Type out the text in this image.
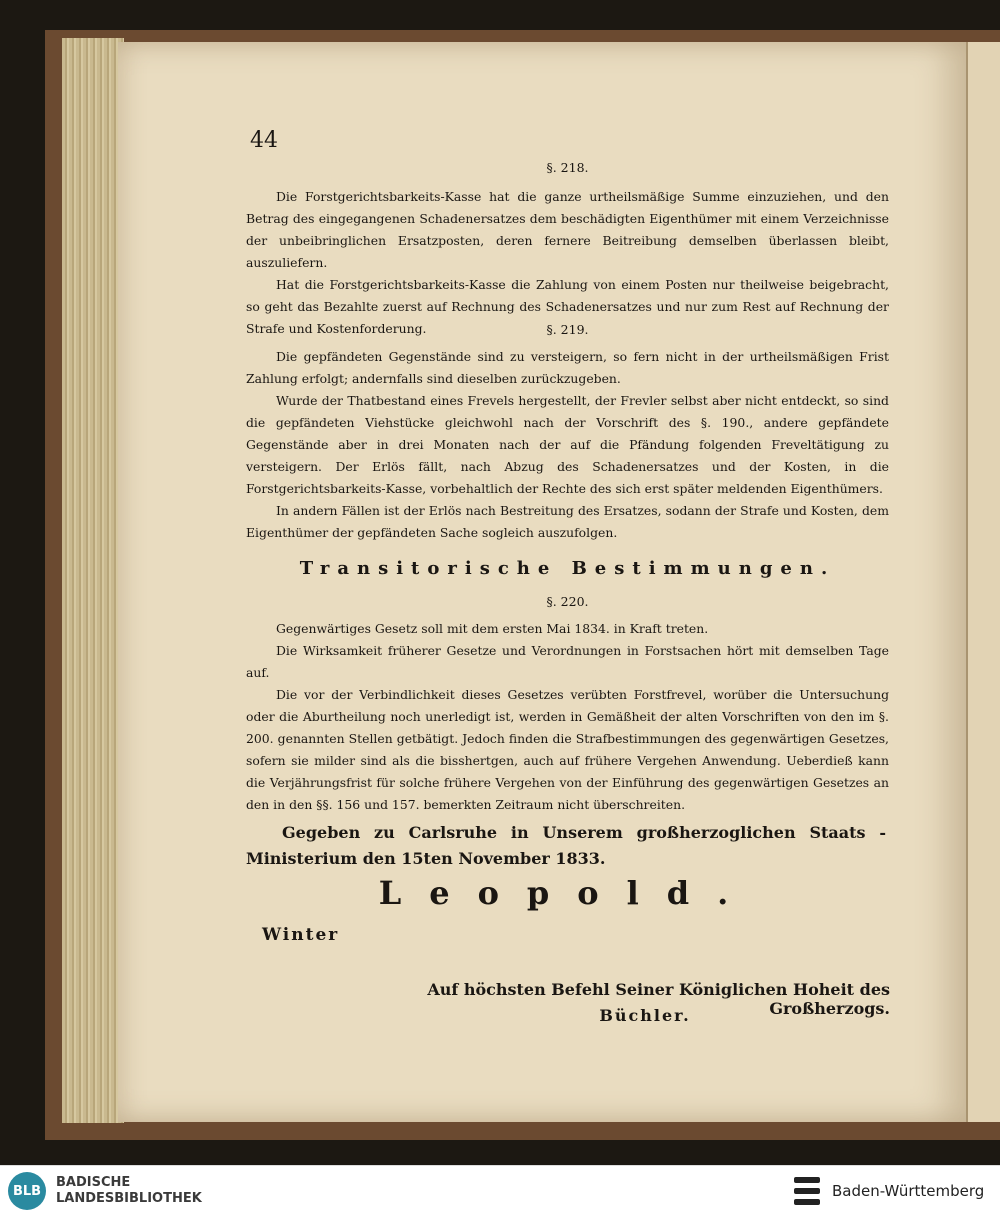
44
§. 218.

Die Forstgerichtsbarkeits-Kasse hat die ganze urtheilsmäßige Summe einzuziehen, und den Betrag des eingegangenen Schadenersatzes dem beschädigten Eigenthümer mit einem Verzeichnisse der unbeibringlichen Ersatzposten, deren fernere Beitreibung demselben überlassen bleibt, auszuliefern.

Hat die Forstgerichtsbarkeits-Kasse die Zahlung von einem Posten nur theilweise beigebracht, so geht das Bezahlte zuerst auf Rechnung des Schadenersatzes und nur zum Rest auf Rechnung der Strafe und Kostenforderung.	§. 219.

Die gepfändeten Gegenstände sind zu versteigern, so fern nicht in der urtheilsmäßigen Frist Zahlung erfolgt; andernfalls sind dieselben zurückzugeben.

Wurde der Thatbestand eines Frevels hergestellt, der Frevler selbst aber nicht entdeckt, so sind die gepfändeten Viehstücke gleichwohl nach der Vorschrift des §. 190., andere gepfändete Gegenstände aber in drei Monaten nach der auf die Pfändung folgenden Freveltätigung zu versteigern. Der Erlös fällt, nach Abzug des Schadenersatzes und der Kosten, in die Forstgerichtsbarkeits-Kasse, vorbehaltlich der Rechte des sich erst später meldenden Eigenthümers.

In andern Fällen ist der Erlös nach Bestreitung des Ersatzes, sodann der Strafe und Kosten, dem Eigenthümer der gepfändeten Sache sogleich auszufolgen.

Transitorische Bestimmungen.
§. 220.

Gegenwärtiges Gesetz soll mit dem ersten Mai 1834. in Kraft treten.

Die Wirksamkeit früherer Gesetze und Verordnungen in Forstsachen hört mit demselben Tage auf.

Die vor der Verbindlichkeit dieses Gesetzes verübten Forstfrevel, worüber die Untersuchung oder die Aburtheilung noch unerledigt ist, werden in Gemäßheit der alten Vorschriften von den im §. 200. genannten Stellen getbätigt. Jedoch finden die Strafbestimmungen des gegenwärtigen Gesetzes, sofern sie milder sind als die bisshertgen, auch auf frühere Vergehen Anwendung. Ueberdieß kann die Verjährungsfrist für solche frühere Vergehen von der Einführung des gegenwärtigen Gesetzes an den in den §§. 156 und 157. bemerkten Zeitraum nicht überschreiten.

Gegeben zu Carlsruhe in Unserem großherzoglichen Staats - Ministerium den 15ten November 1833.
Leopold.
Winter
Auf höchsten Befehl Seiner Königlichen Hoheit des Großherzogs.
Büchler.
BLB
BADISCHE
LANDESBIBLIOTHEK	Baden-Württemberg
